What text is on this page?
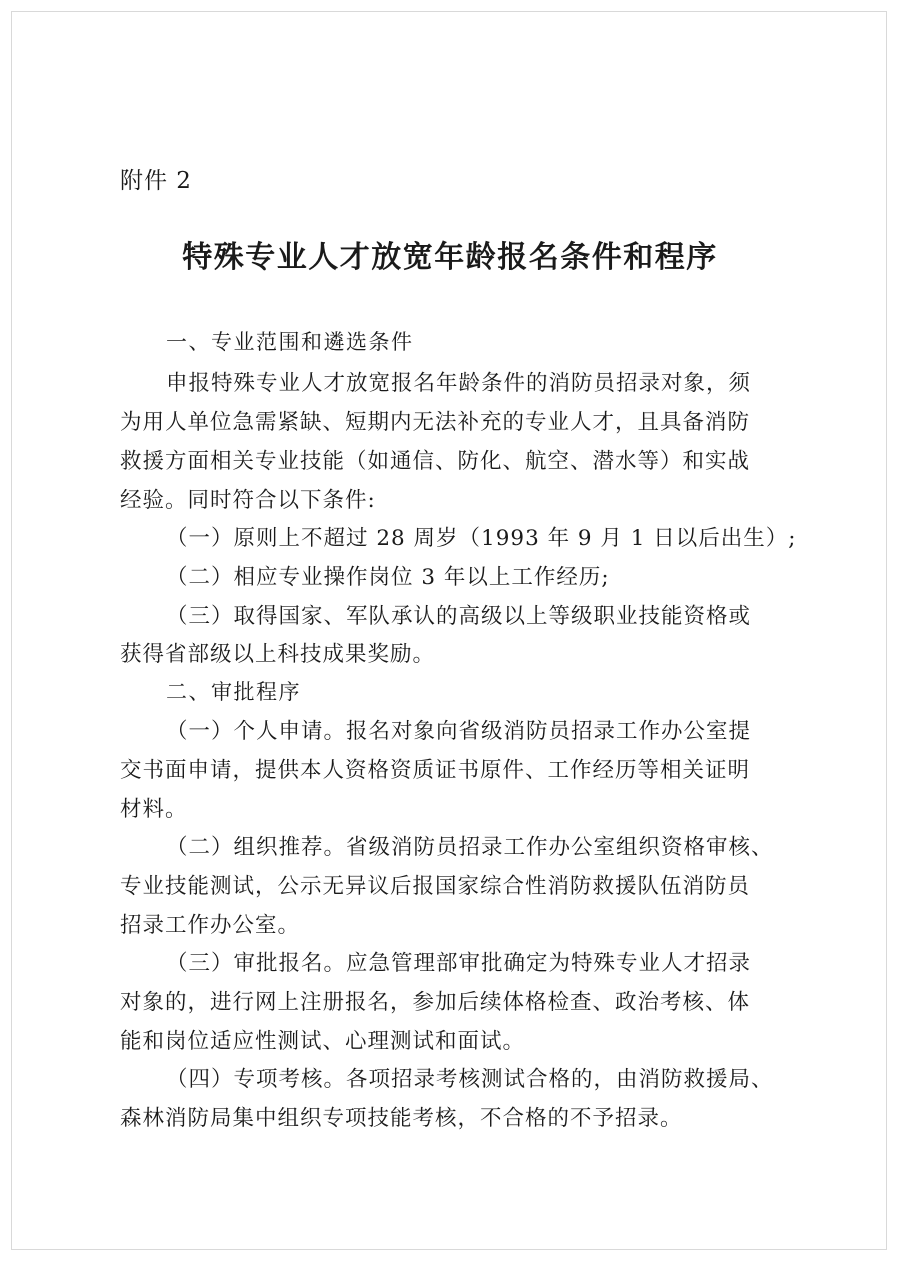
附件 2

特殊专业人才放宽年龄报名条件和程序

一、专业范围和遴选条件

申报特殊专业人才放宽报名年龄条件的消防员招录对象，须

为用人单位急需紧缺、短期内无法补充的专业人才，且具备消防

救援方面相关专业技能（如通信、防化、航空、潜水等）和实战

经验。同时符合以下条件:

（一）原则上不超过 28 周岁（1993 年 9 月 1 日以后出生）;

（二）相应专业操作岗位 3 年以上工作经历;

（三）取得国家、军队承认的高级以上等级职业技能资格或

获得省部级以上科技成果奖励。

二、审批程序

（一）个人申请。报名对象向省级消防员招录工作办公室提

交书面申请，提供本人资格资质证书原件、工作经历等相关证明

材料。

（二）组织推荐。省级消防员招录工作办公室组织资格审核、

专业技能测试，公示无异议后报国家综合性消防救援队伍消防员

招录工作办公室。

（三）审批报名。应急管理部审批确定为特殊专业人才招录

对象的，进行网上注册报名，参加后续体格检查、政治考核、体

能和岗位适应性测试、心理测试和面试。

（四）专项考核。各项招录考核测试合格的，由消防救援局、

森林消防局集中组织专项技能考核，不合格的不予招录。
